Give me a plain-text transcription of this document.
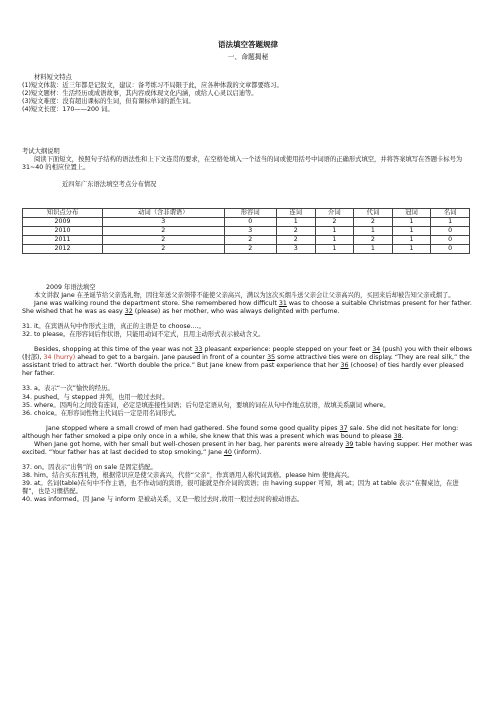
语法填空答题规律
一、命题揭秘

材料短文特点

(1)短文体裁：近三年都是记叙文，建议：备考练习不局限于此，应各种体裁的文章都要练习。

(2)短文题材：生活经历或成语故事，其内容或体现文化内涵，或给人心灵以启迪等。

(3)短文难度：没有超出课标的生词，但有课标单词的派生词。

(4)短文长度：170——200 词。

考试大纲说明

阅读下面短文，按照句子结构的语法性和上下文连贯的要求，在空格处填入一个适当的词或使用括号中词语的正确形式填空，并将答案填写在答题卡标号为 31~40 的相应位置上。

近四年广东语法填空考点分布情况

知识点分布	动词（含非谓语）	形容词	连词	介词	代词	冠词	名词
2009	3	0	1	2	2	1	1
2010	2	3	2	1	1	1	0
2011	2	2	2	1	2	1	0
2012	2	2	3	1	1	1	0

2009 年语法填空

本文讲叙 Jane 在圣诞节给父亲选礼物，因往年送父亲领带不能使父亲高兴，满以为这次买烟斗送父亲会让父亲高兴的，买回来后却被告知父亲戒烟了。

Jane was walking round the department store. She remembered how difficult 31 was to choose a suitable Christmas present for her father. She wished that he was as easy 32 (please) as her mother, who was always delighted with perfume.

31. it。在宾语从句中作形式主语，真正的主语是 to choose....。

32. to please。在形容词后作状语，只能用动词不定式，且用主动形式表示被动含义。

Besides, shopping at this time of the year was not 33 pleasant experience: people stepped on your feet or 34 (push) you with their elbows (肘部), 34 (hurry) ahead to get to a bargain. Jane paused in front of a counter 35 some attractive ties were on display. “They are real silk,” the assistant tried to attract her. “Worth double the price.” But Jane knew from past experience that her 36 (choose) of ties hardly ever pleased her father.

33. a。表示“一次”愉快的经历。

34. pushed。与 stepped 并列，也用一般过去时。

35. where。因两句之间没有连词，必定是填连接性词语；后句是定语从句，要填的词在从句中作地点状语，故填关系副词 where。

36. choice。在形容词性物主代词后一定是用名词形式。

Jane stopped where a small crowd of men had gathered. She found some good quality pipes 37 sale. She did not hesitate for long: although her father smoked a pipe only once in a while, she knew that this was a present which was bound to please 38.

When Jane got home, with her small but well-chosen present in her bag, her parents were already 39 table having supper. Her mother was excited. “Your father has at last decided to stop smoking,” Jane 40 (inform).

37. on。因表示“出售”的 on sale 是固定搭配。

38. him。结合买东西礼物，根据常识应是使父亲高兴，代替“父亲”，作宾语用人称代词宾格。please him 使他高兴。

39. at。名词(table)在句中不作主语，也不作动词的宾语，很可能就是作介词的宾语；由 having supper 可知，填 at；因为 at table 表示“在餐桌边，在进餐”，也是习惯搭配。

40. was informed。因 Jane 与 inform 是被动关系，又是一般过去时,故用一般过去时的被动语态。
